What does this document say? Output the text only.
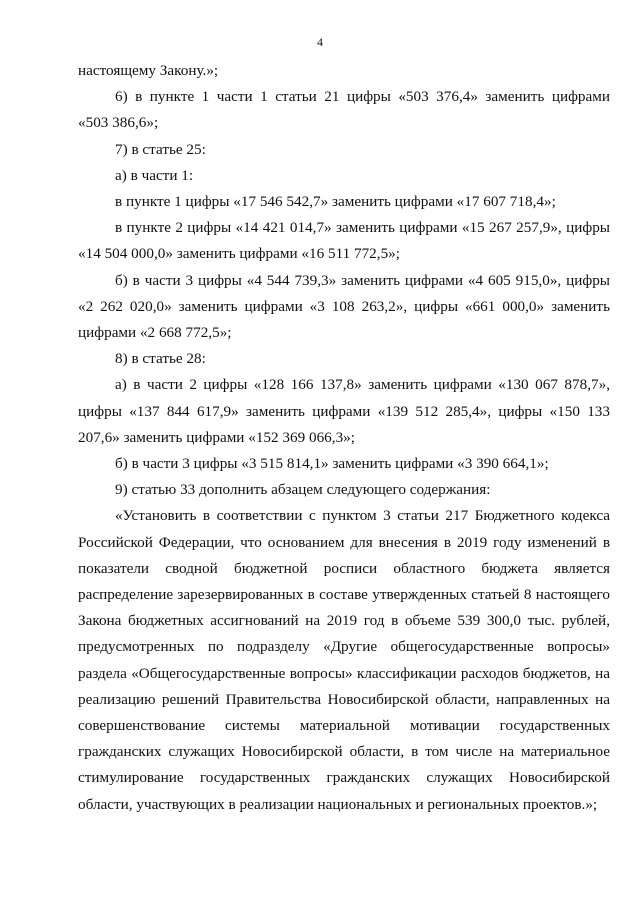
4

настоящему Закону.»;

6) в пункте 1 части 1 статьи 21 цифры «503 376,4» заменить цифрами

«503 386,6»;

7) в статье 25:

а) в части 1:

в пункте 1 цифры «17 546 542,7» заменить цифрами «17 607 718,4»;

в пункте 2 цифры «14 421 014,7» заменить цифрами «15 267 257,9», цифры «14 504 000,0» заменить цифрами «16 511 772,5»;

б) в части 3 цифры «4 544 739,3» заменить цифрами «4 605 915,0», цифры «2 262 020,0» заменить цифрами «3 108 263,2», цифры «661 000,0» заменить цифрами «2 668 772,5»;

8) в статье 28:

а) в части 2 цифры «128 166 137,8» заменить цифрами «130 067 878,7», цифры «137 844 617,9» заменить цифрами «139 512 285,4», цифры «150 133 207,6» заменить цифрами «152 369 066,3»;

б) в части 3 цифры «3 515 814,1» заменить цифрами «3 390 664,1»;

9) статью 33 дополнить абзацем следующего содержания:

«Установить в соответствии с пунктом 3 статьи 217 Бюджетного кодекса Российской Федерации, что основанием для внесения в 2019 году изменений в показатели сводной бюджетной росписи областного бюджета является распределение зарезервированных в составе утвержденных статьей 8 настоящего Закона бюджетных ассигнований на 2019 год в объеме 539 300,0 тыс. рублей, предусмотренных по подразделу «Другие общегосударственные вопросы» раздела «Общегосударственные вопросы» классификации расходов бюджетов, на реализацию решений Правительства Новосибирской области, направленных на совершенствование системы материальной мотивации государственных гражданских служащих Новосибирской области, в том числе на материальное стимулирование государственных гражданских служащих Новосибирской области, участвующих в реализации национальных и региональных проектов.»;
